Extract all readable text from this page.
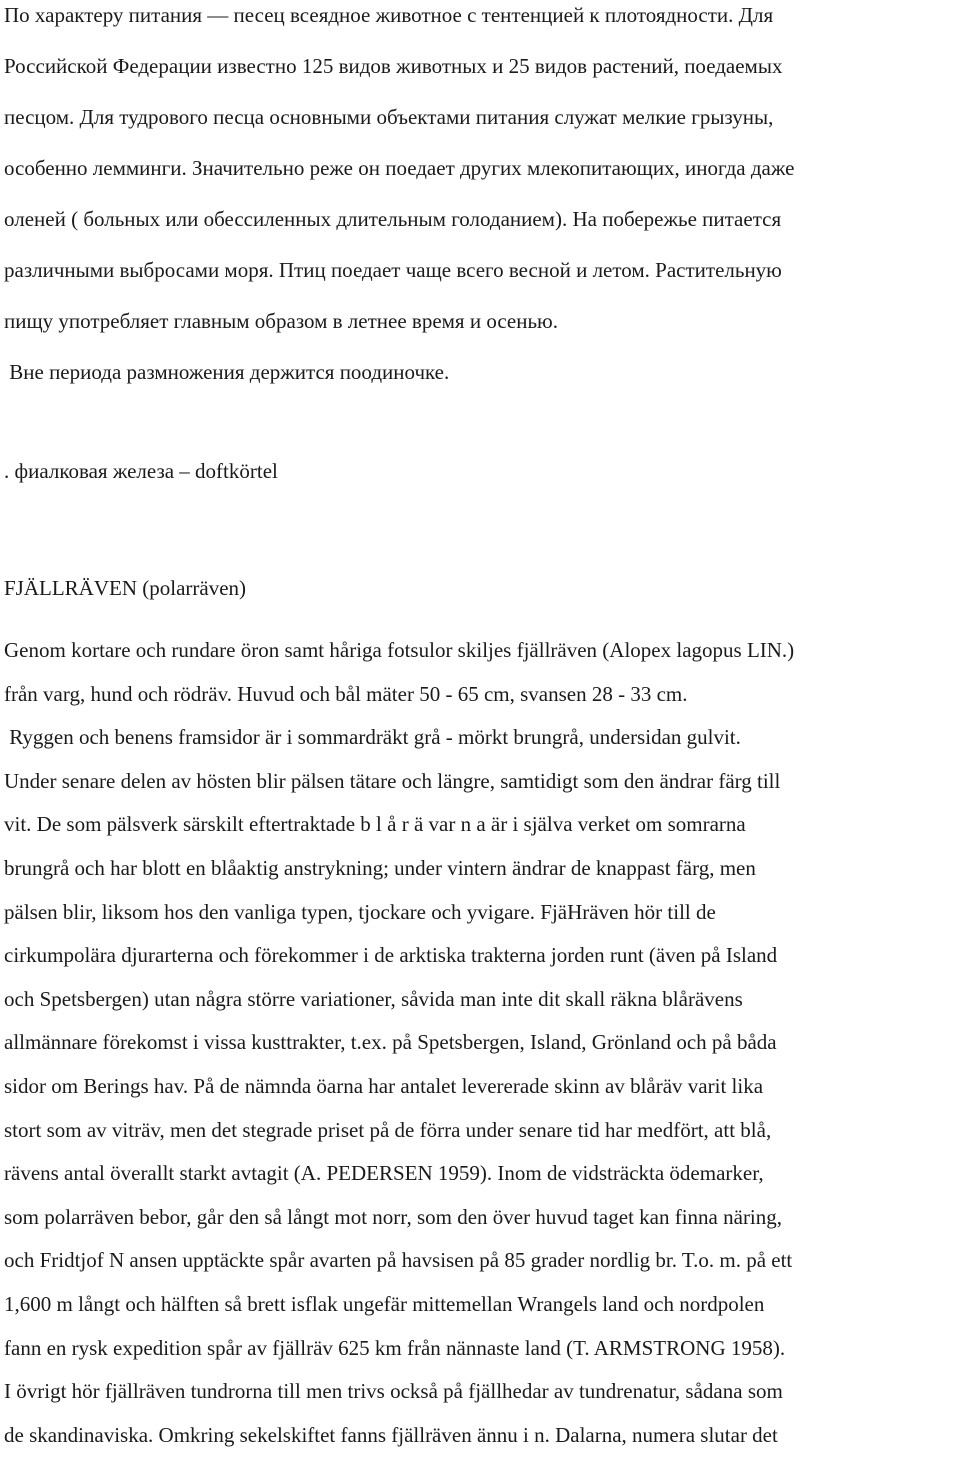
По характеру питания — песец всеядное животное с тентенцией к плотоядности. Для
Российской Федерации известно 125 видов животных и 25 видов растений, поедаемых
песцом. Для тудрового песца основными объектами питания служат мелкие грызуны,
особенно лемминги. Значительно реже он поедает других млекопитающих, иногда даже
оленей ( больных или обессиленных длительным голоданием). На побережье питается
различными выбросами моря. Птиц поедает чаще всего весной и летом. Растительную
пищу употребляет главным образом в летнее время и осенью.
Вне периода размножения держится поодиночке.

. фиалковая железа – doftkörtel

FJÄLLRÄVEN (polarräven)

Genom kortare och rundare öron samt håriga fotsulor skiljes fjällräven (Alopex lagopus LIN.)
från varg, hund och rödräv. Huvud och bål mäter 50 - 65 cm, svansen 28 - 33 cm.
Ryggen och benens framsidor är i sommardräkt grå - mörkt brungrå, undersidan gulvit.
Under senare delen av hösten blir pälsen tätare och längre, samtidigt som den ändrar färg till
vit. De som pälsverk särskilt eftertraktade b l å r ä var n a är i själva verket om somrarna
brungrå och har blott en blåaktig anstrykning; under vintern ändrar de knappast färg, men
pälsen blir, liksom hos den vanliga typen, tjockare och yvigare. FjäHräven hör till de
cirkumpolära djurarterna och förekommer i de arktiska trakterna jorden runt (även på Island
och Spetsbergen) utan några större variationer, såvida man inte dit skall räkna blårävens
allmännare förekomst i vissa kusttrakter, t.ex. på Spetsbergen, Island, Grönland och på båda
sidor om Berings hav. På de nämnda öarna har antalet levererade skinn av blåräv varit lika
stort som av viträv, men det stegrade priset på de förra under senare tid har medfört, att blå,
rävens antal överallt starkt avtagit (A. PEDERSEN 1959). Inom de vidsträckta ödemarker,
som polarräven bebor, går den så långt mot norr, som den över huvud taget kan finna näring,
och Fridtjof N ansen upptäckte spår avarten på havsisen på 85 grader nordlig br. T.o. m. på ett
1,600 m långt och hälften så brett isflak ungefär mittemellan Wrangels land och nordpolen
fann en rysk expedition spår av fjällräv 625 km från nännaste land (T. ARMSTRONG 1958).
I övrigt hör fjällräven tundrorna till men trivs också på fjällhedar av tundrenatur, sådana som
de skandinaviska. Omkring sekelskiftet fanns fjällräven ännu i n. Dalarna, numera slutar det
